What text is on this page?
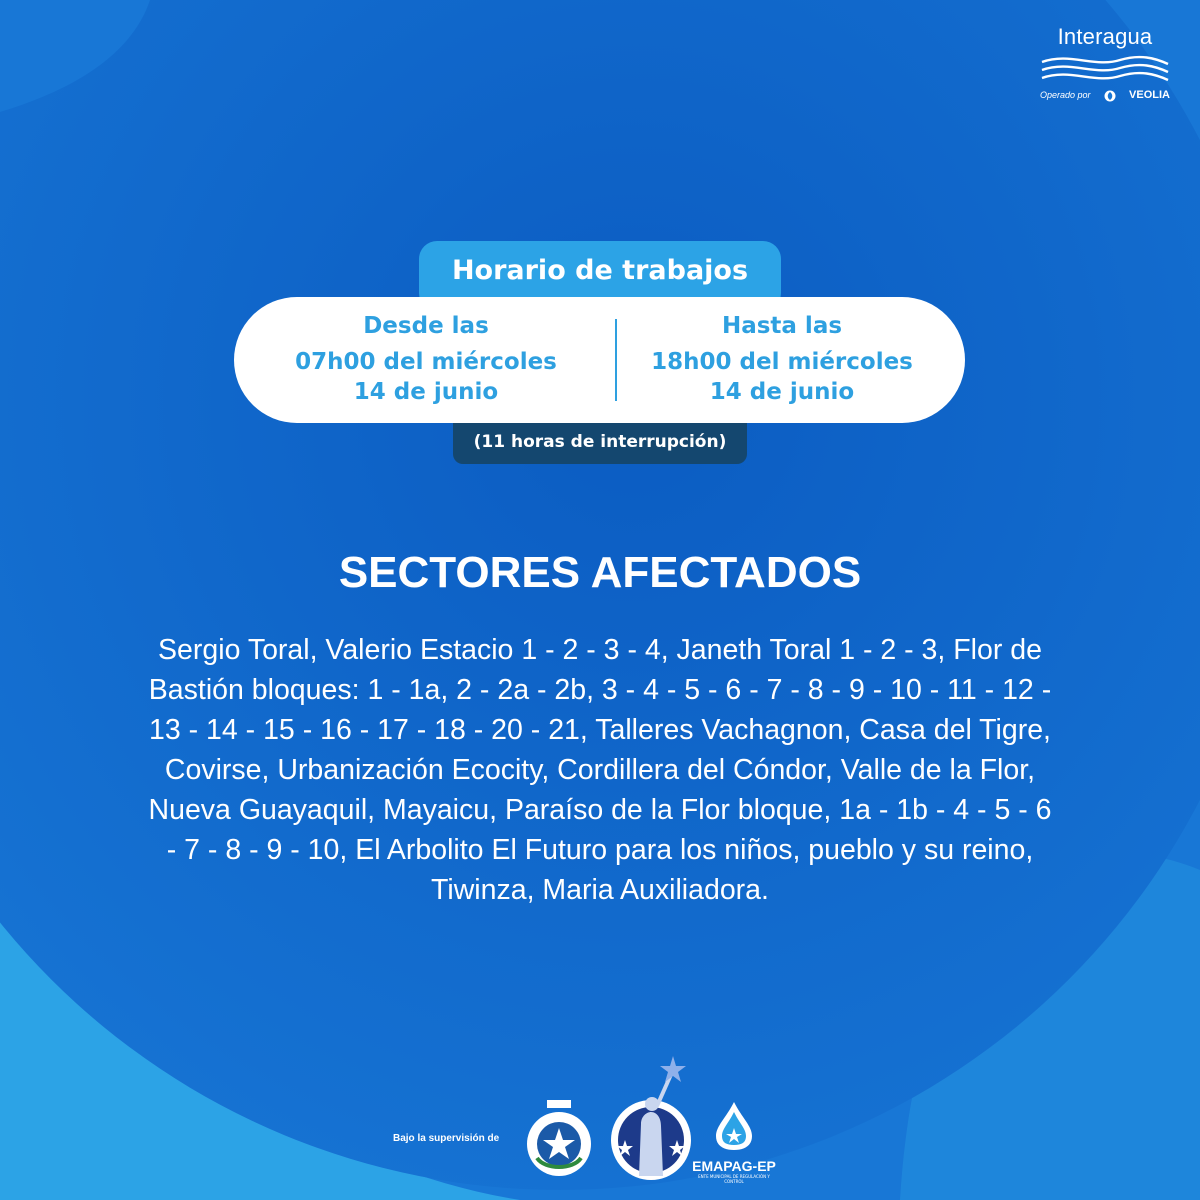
Interagua
Operado por	VEOLIA
Horario de trabajos
Desde las
07h00 del miércoles
14 de junio
Hasta las
18h00 del miércoles
14 de junio
(11 horas de interrupción)
SECTORES AFECTADOS
Sergio Toral, Valerio Estacio 1 - 2 - 3 - 4, Janeth Toral 1 - 2 - 3, Flor de Bastión bloques: 1 - 1a, 2 - 2a - 2b, 3 - 4 - 5 - 6 - 7 - 8 - 9 - 10 - 11 - 12 - 13 - 14 - 15 - 16 - 17 - 18 - 20 - 21, Talleres Vachagnon, Casa del Tigre, Covirse, Urbanización Ecocity, Cordillera del Cóndor, Valle de la Flor, Nueva Guayaquil, Mayaicu, Paraíso de la Flor bloque, 1a - 1b - 4 - 5 - 6 - 7 - 8 - 9 - 10, El Arbolito El Futuro para los niños, pueblo y su reino, Tiwinza, Maria Auxiliadora.
Bajo la supervisión de
EMAPAG-EP
ENTE MUNICIPAL DE REGULACIÓN Y CONTROL
